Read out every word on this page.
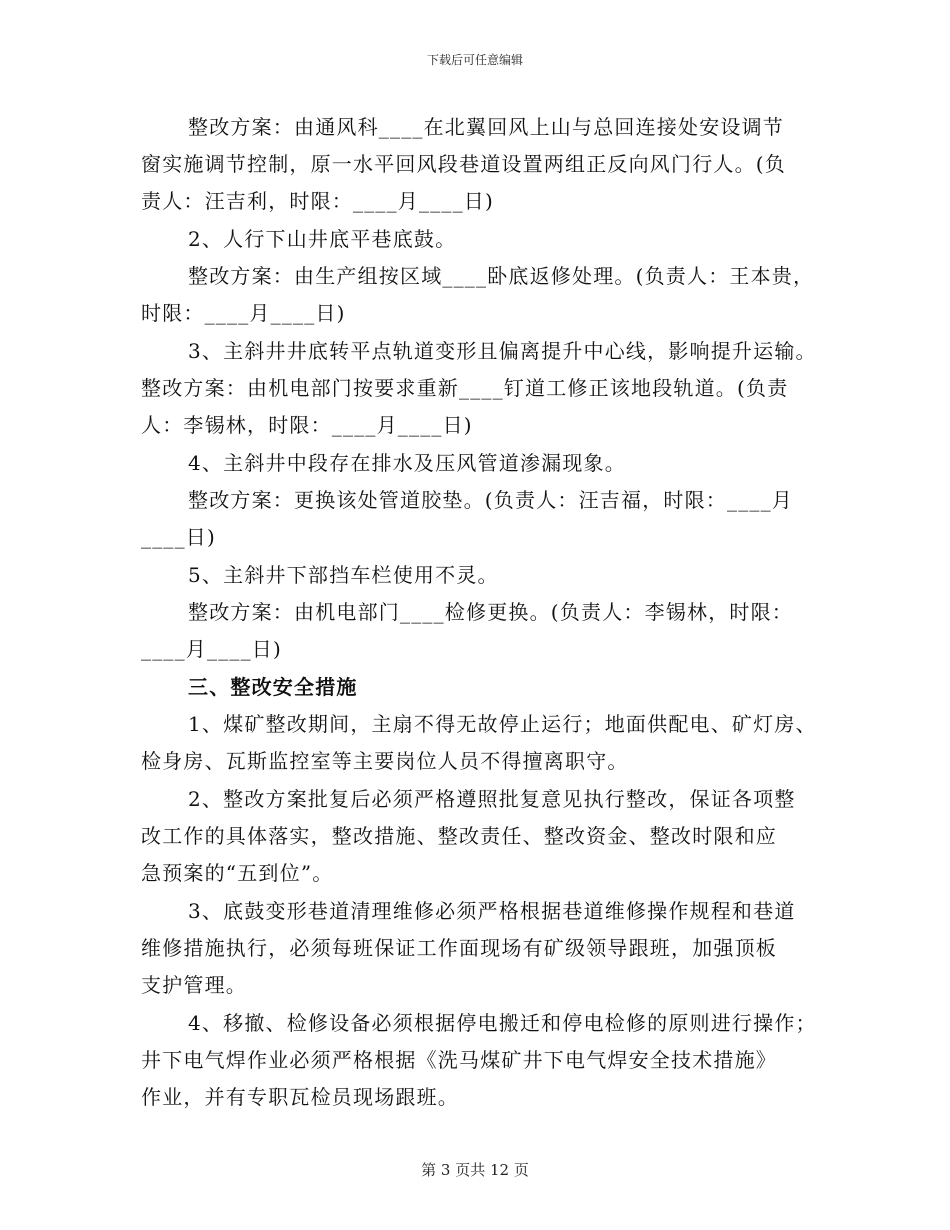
下载后可任意编辑
整改方案：由通风科____在北翼回风上山与总回连接处安设调节
窗实施调节控制，原一水平回风段巷道设置两组正反向风门行人。(负
责人：汪吉利，时限：____月____日)
2、人行下山井底平巷底鼓。
整改方案：由生产组按区域____卧底返修处理。(负责人：王本贵，
时限：____月____日)
3、主斜井井底转平点轨道变形且偏离提升中心线，影响提升运输。
整改方案：由机电部门按要求重新____钉道工修正该地段轨道。(负责
人：李锡林，时限：____月____日)
4、主斜井中段存在排水及压风管道渗漏现象。
整改方案：更换该处管道胶垫。(负责人：汪吉福，时限：____月
____日)
5、主斜井下部挡车栏使用不灵。
整改方案：由机电部门____检修更换。(负责人：李锡林，时限：
____月____日)
三、整改安全措施
1、煤矿整改期间，主扇不得无故停止运行；地面供配电、矿灯房、
检身房、瓦斯监控室等主要岗位人员不得擅离职守。
2、整改方案批复后必须严格遵照批复意见执行整改，保证各项整
改工作的具体落实，整改措施、整改责任、整改资金、整改时限和应
急预案的“五到位”。
3、底鼓变形巷道清理维修必须严格根据巷道维修操作规程和巷道
维修措施执行，必须每班保证工作面现场有矿级领导跟班，加强顶板
支护管理。
4、移撤、检修设备必须根据停电搬迁和停电检修的原则进行操作；
井下电气焊作业必须严格根据《洗马煤矿井下电气焊安全技术措施》
作业，并有专职瓦检员现场跟班。
第 3 页共 12 页
